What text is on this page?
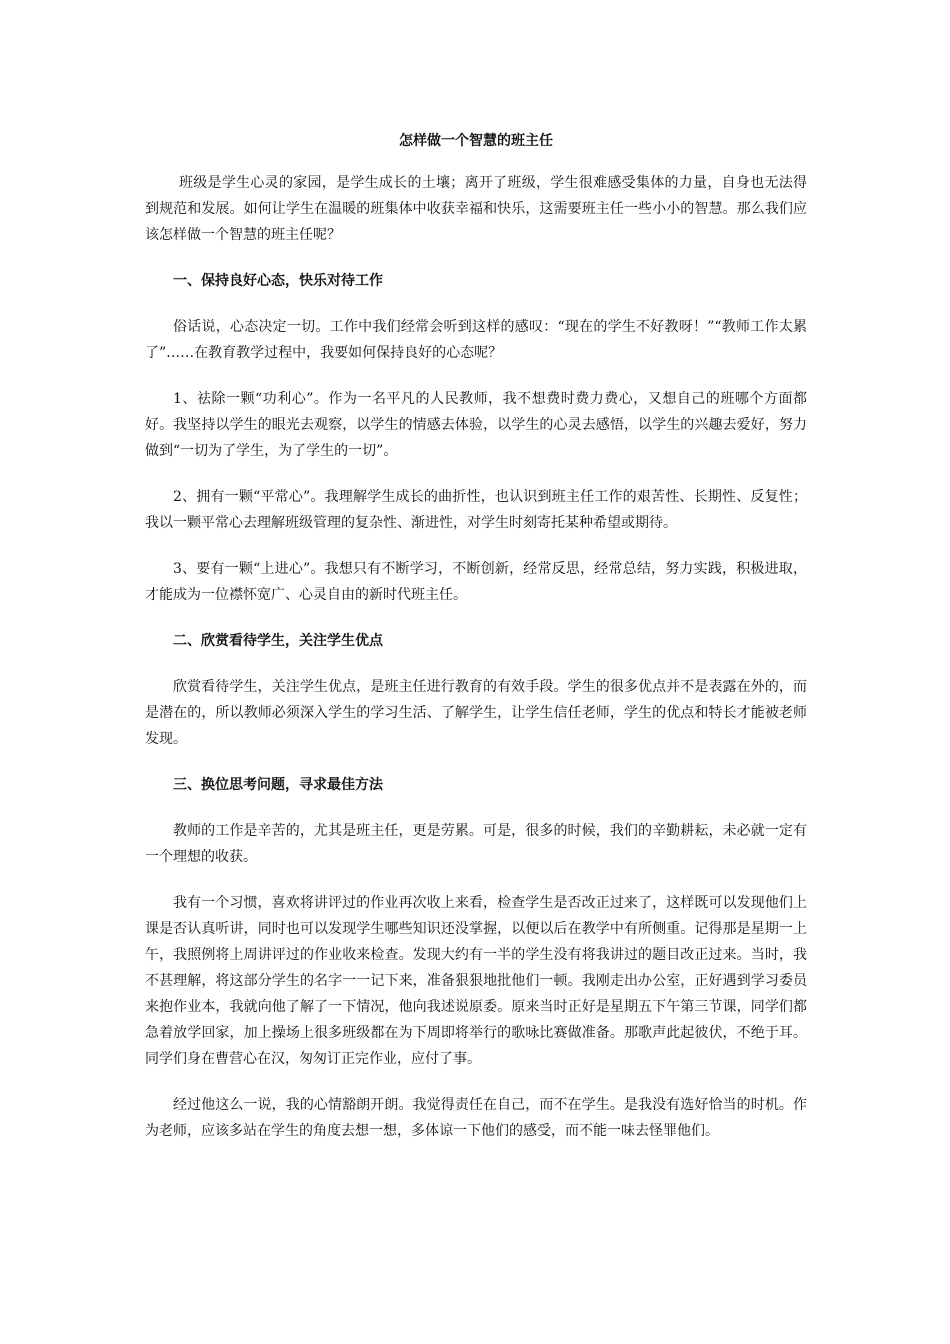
怎样做一个智慧的班主任

班级是学生心灵的家园，是学生成长的土壤；离开了班级，学生很难感受集体的力量，自身也无法得到规范和发展。如何让学生在温暖的班集体中收获幸福和快乐，这需要班主任一些小小的智慧。那么我们应该怎样做一个智慧的班主任呢？

一、保持良好心态，快乐对待工作

俗话说，心态决定一切。工作中我们经常会听到这样的感叹：“现在的学生不好教呀！”“教师工作太累了”……在教育教学过程中，我要如何保持良好的心态呢？

1、祛除一颗“功利心”。作为一名平凡的人民教师，我不想费时费力费心，又想自己的班哪个方面都好。我坚持以学生的眼光去观察，以学生的情感去体验，以学生的心灵去感悟，以学生的兴趣去爱好，努力做到“一切为了学生，为了学生的一切”。

2、拥有一颗“平常心”。我理解学生成长的曲折性，也认识到班主任工作的艰苦性、长期性、反复性；我以一颗平常心去理解班级管理的复杂性、渐进性，对学生时刻寄托某种希望或期待。

3、要有一颗“上进心”。我想只有不断学习，不断创新，经常反思，经常总结，努力实践，积极进取，才能成为一位襟怀宽广、心灵自由的新时代班主任。

二、欣赏看待学生，关注学生优点

欣赏看待学生，关注学生优点，是班主任进行教育的有效手段。学生的很多优点并不是表露在外的，而是潜在的，所以教师必须深入学生的学习生活、了解学生，让学生信任老师，学生的优点和特长才能被老师发现。

三、换位思考问题，寻求最佳方法

教师的工作是辛苦的，尤其是班主任，更是劳累。可是，很多的时候，我们的辛勤耕耘，未必就一定有一个理想的收获。

我有一个习惯，喜欢将讲评过的作业再次收上来看，检查学生是否改正过来了，这样既可以发现他们上课是否认真听讲，同时也可以发现学生哪些知识还没掌握，以便以后在教学中有所侧重。记得那是星期一上午，我照例将上周讲评过的作业收来检查。发现大约有一半的学生没有将我讲过的题目改正过来。当时，我不甚理解，将这部分学生的名字一一记下来，准备狠狠地批他们一顿。我刚走出办公室，正好遇到学习委员来抱作业本，我就向他了解了一下情况，他向我述说原委。原来当时正好是星期五下午第三节课，同学们都急着放学回家，加上操场上很多班级都在为下周即将举行的歌咏比赛做准备。那歌声此起彼伏，不绝于耳。同学们身在曹营心在汉，匆匆订正完作业，应付了事。

经过他这么一说，我的心情豁朗开朗。我觉得责任在自己，而不在学生。是我没有选好恰当的时机。作为老师，应该多站在学生的角度去想一想，多体谅一下他们的感受，而不能一味去怪罪他们。
